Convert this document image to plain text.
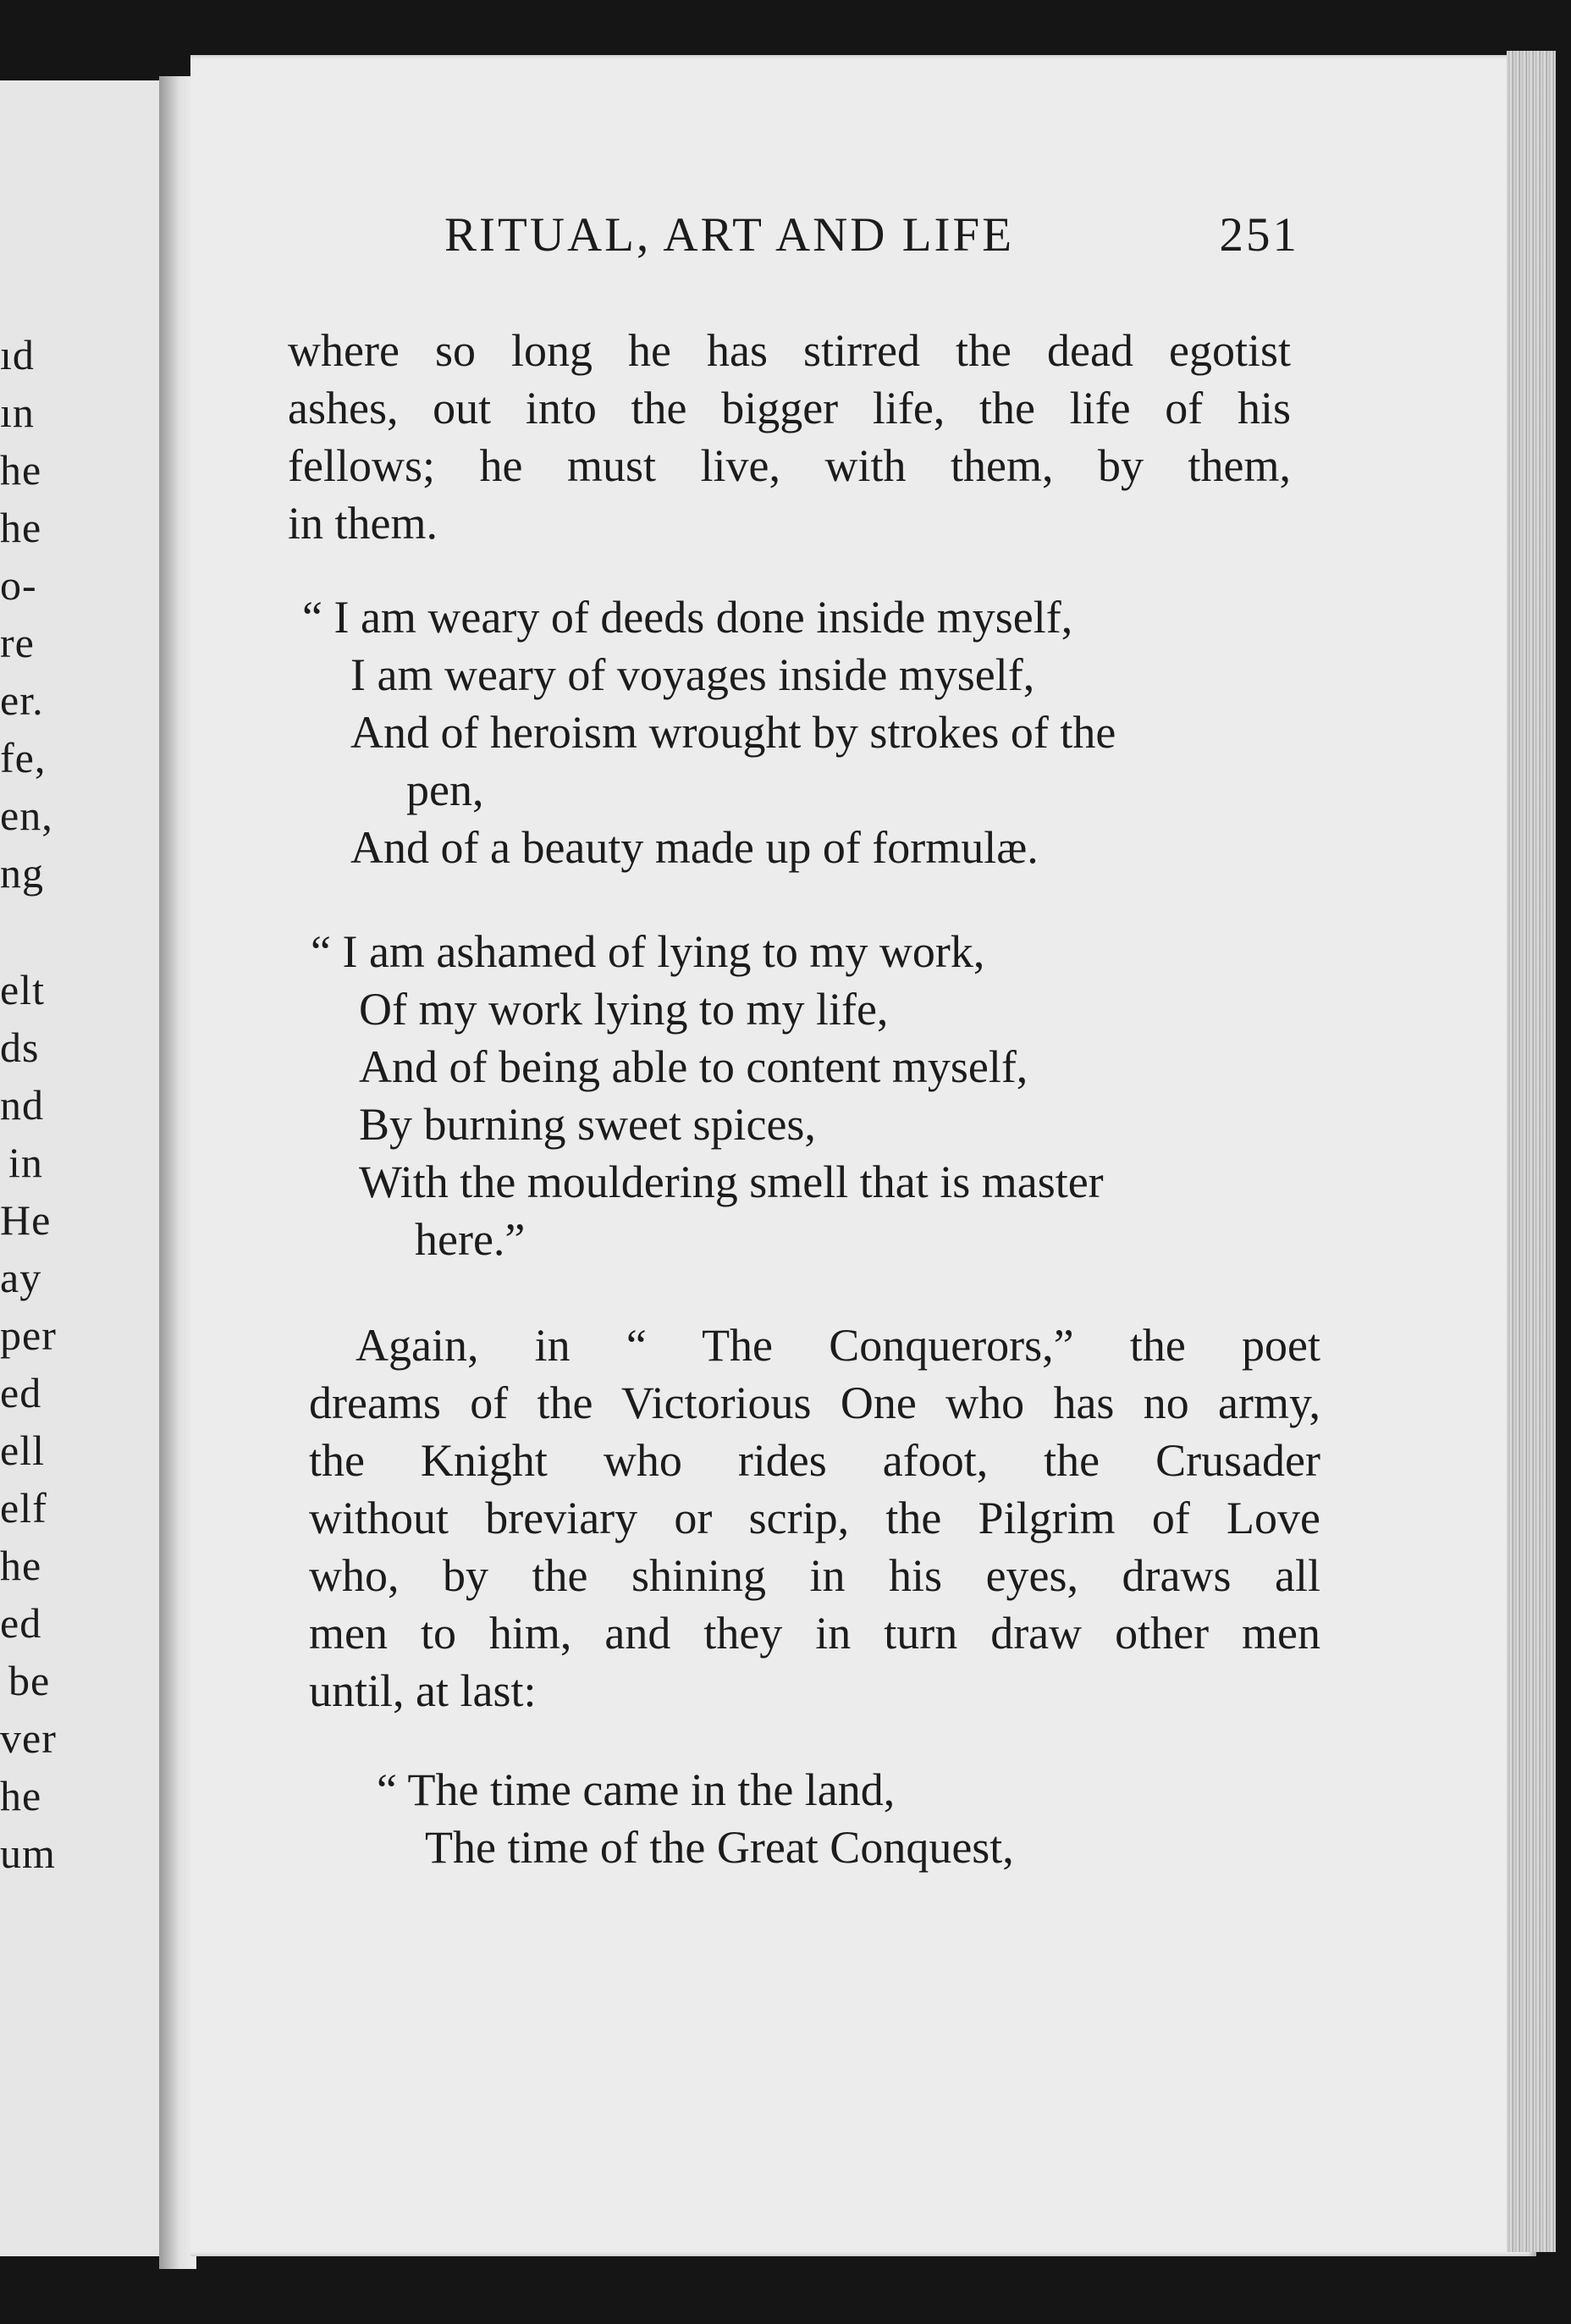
ıd
ın
he
he
o-
re
er.
fe,
en,
ng
elt
ds
nd
in
He
ay
per
ed
ell
elf
he
ed
be
ver
he
um
RITUAL, ART AND LIFE	251
where so long he has stirred the dead egotist
ashes, out into the bigger life, the life of his
fellows; he must live, with them, by them,
in them.
“ I am weary of deeds done inside myself,
I am weary of voyages inside myself,
And of heroism wrought by strokes of the
pen,
And of a beauty made up of formulæ.
“ I am ashamed of lying to my work,
Of my work lying to my life,
And of being able to content myself,
By burning sweet spices,
With the mouldering smell that is master
here.”
Again, in “ The Conquerors,” the poet
dreams of the Victorious One who has no army,
the Knight who rides afoot, the Crusader
without breviary or scrip, the Pilgrim of Love
who, by the shining in his eyes, draws all
men to him, and they in turn draw other men
until, at last:
“ The time came in the land,
The time of the Great Conquest,
